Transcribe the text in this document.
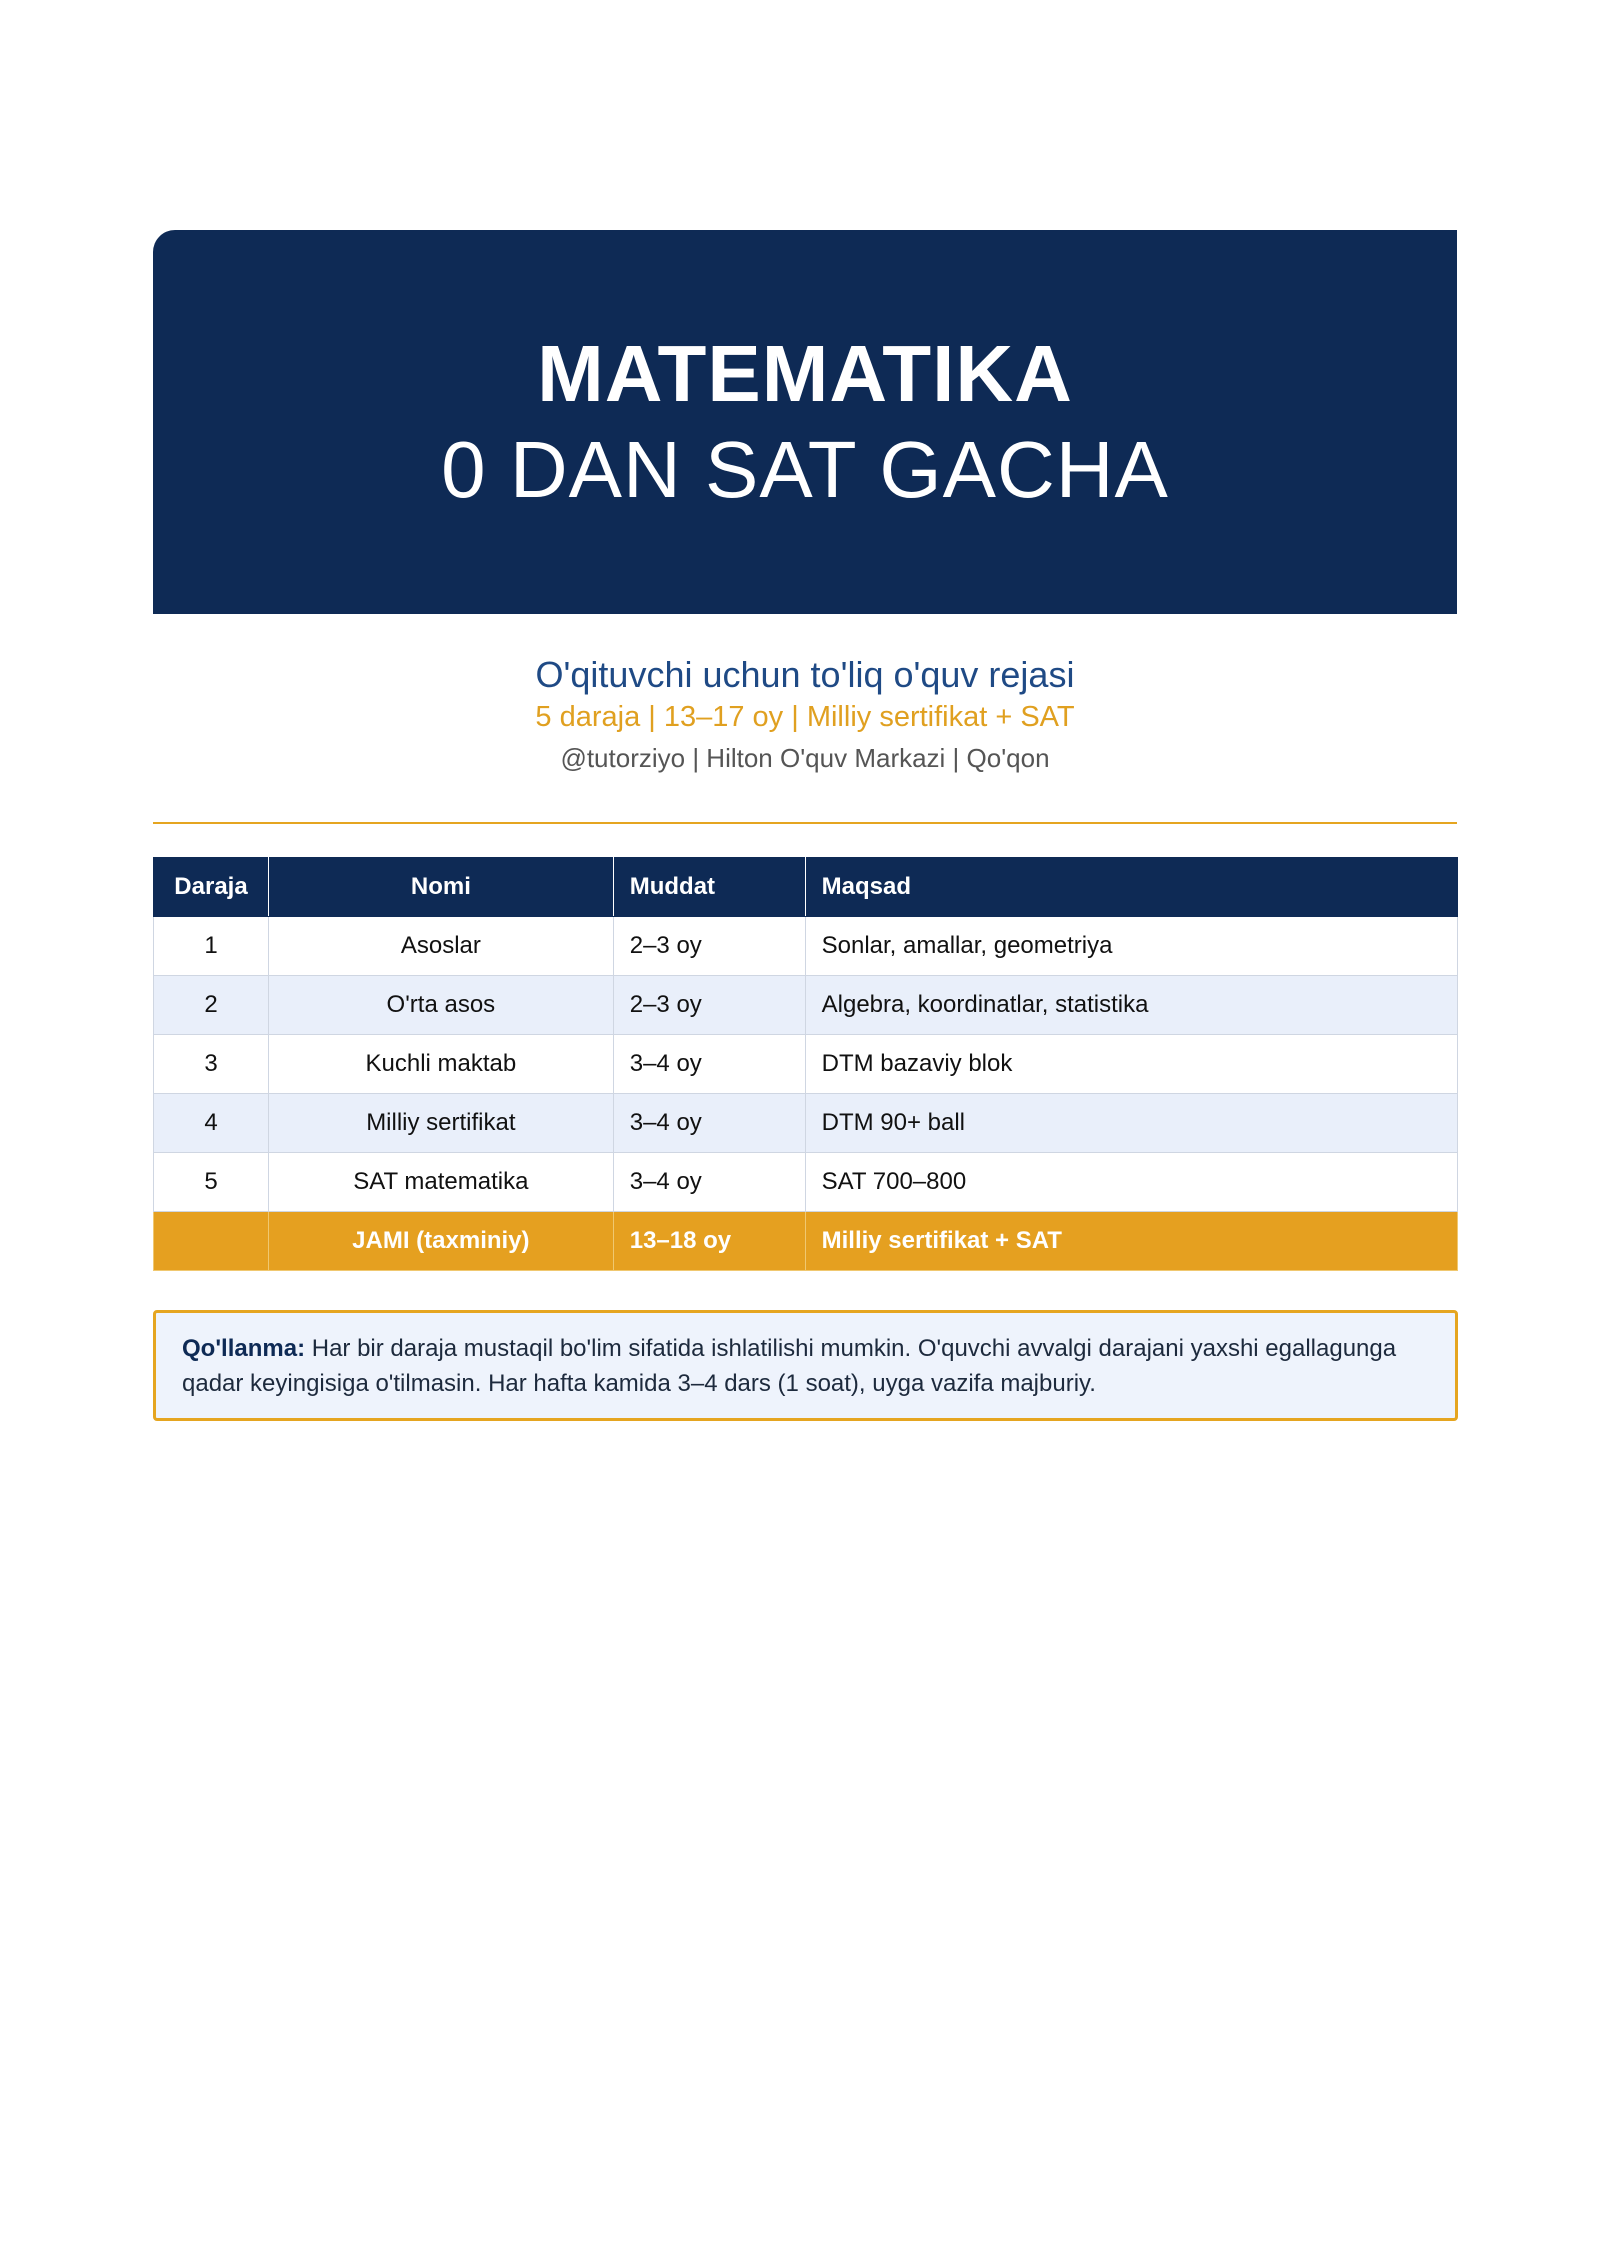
MATEMATIKA
0 DAN SAT GACHA
O'qituvchi uchun to'liq o'quv rejasi
5 daraja | 13–17 oy | Milliy sertifikat + SAT
@tutorziyo | Hilton O'quv Markazi | Qo'qon
Daraja	Nomi	Muddat	Maqsad
1	Asoslar	2–3 oy	Sonlar, amallar, geometriya
2	O'rta asos	2–3 oy	Algebra, koordinatlar, statistika
3	Kuchli maktab	3–4 oy	DTM bazaviy blok
4	Milliy sertifikat	3–4 oy	DTM 90+ ball
5	SAT matematika	3–4 oy	SAT 700–800
	JAMI (taxminiy)	13–18 oy	Milliy sertifikat + SAT
Qo'llanma: Har bir daraja mustaqil bo'lim sifatida ishlatilishi mumkin. O'quvchi avvalgi darajani yaxshi egallagunga qadar keyingisiga o'tilmasin. Har hafta kamida 3–4 dars (1 soat), uyga vazifa majburiy.
